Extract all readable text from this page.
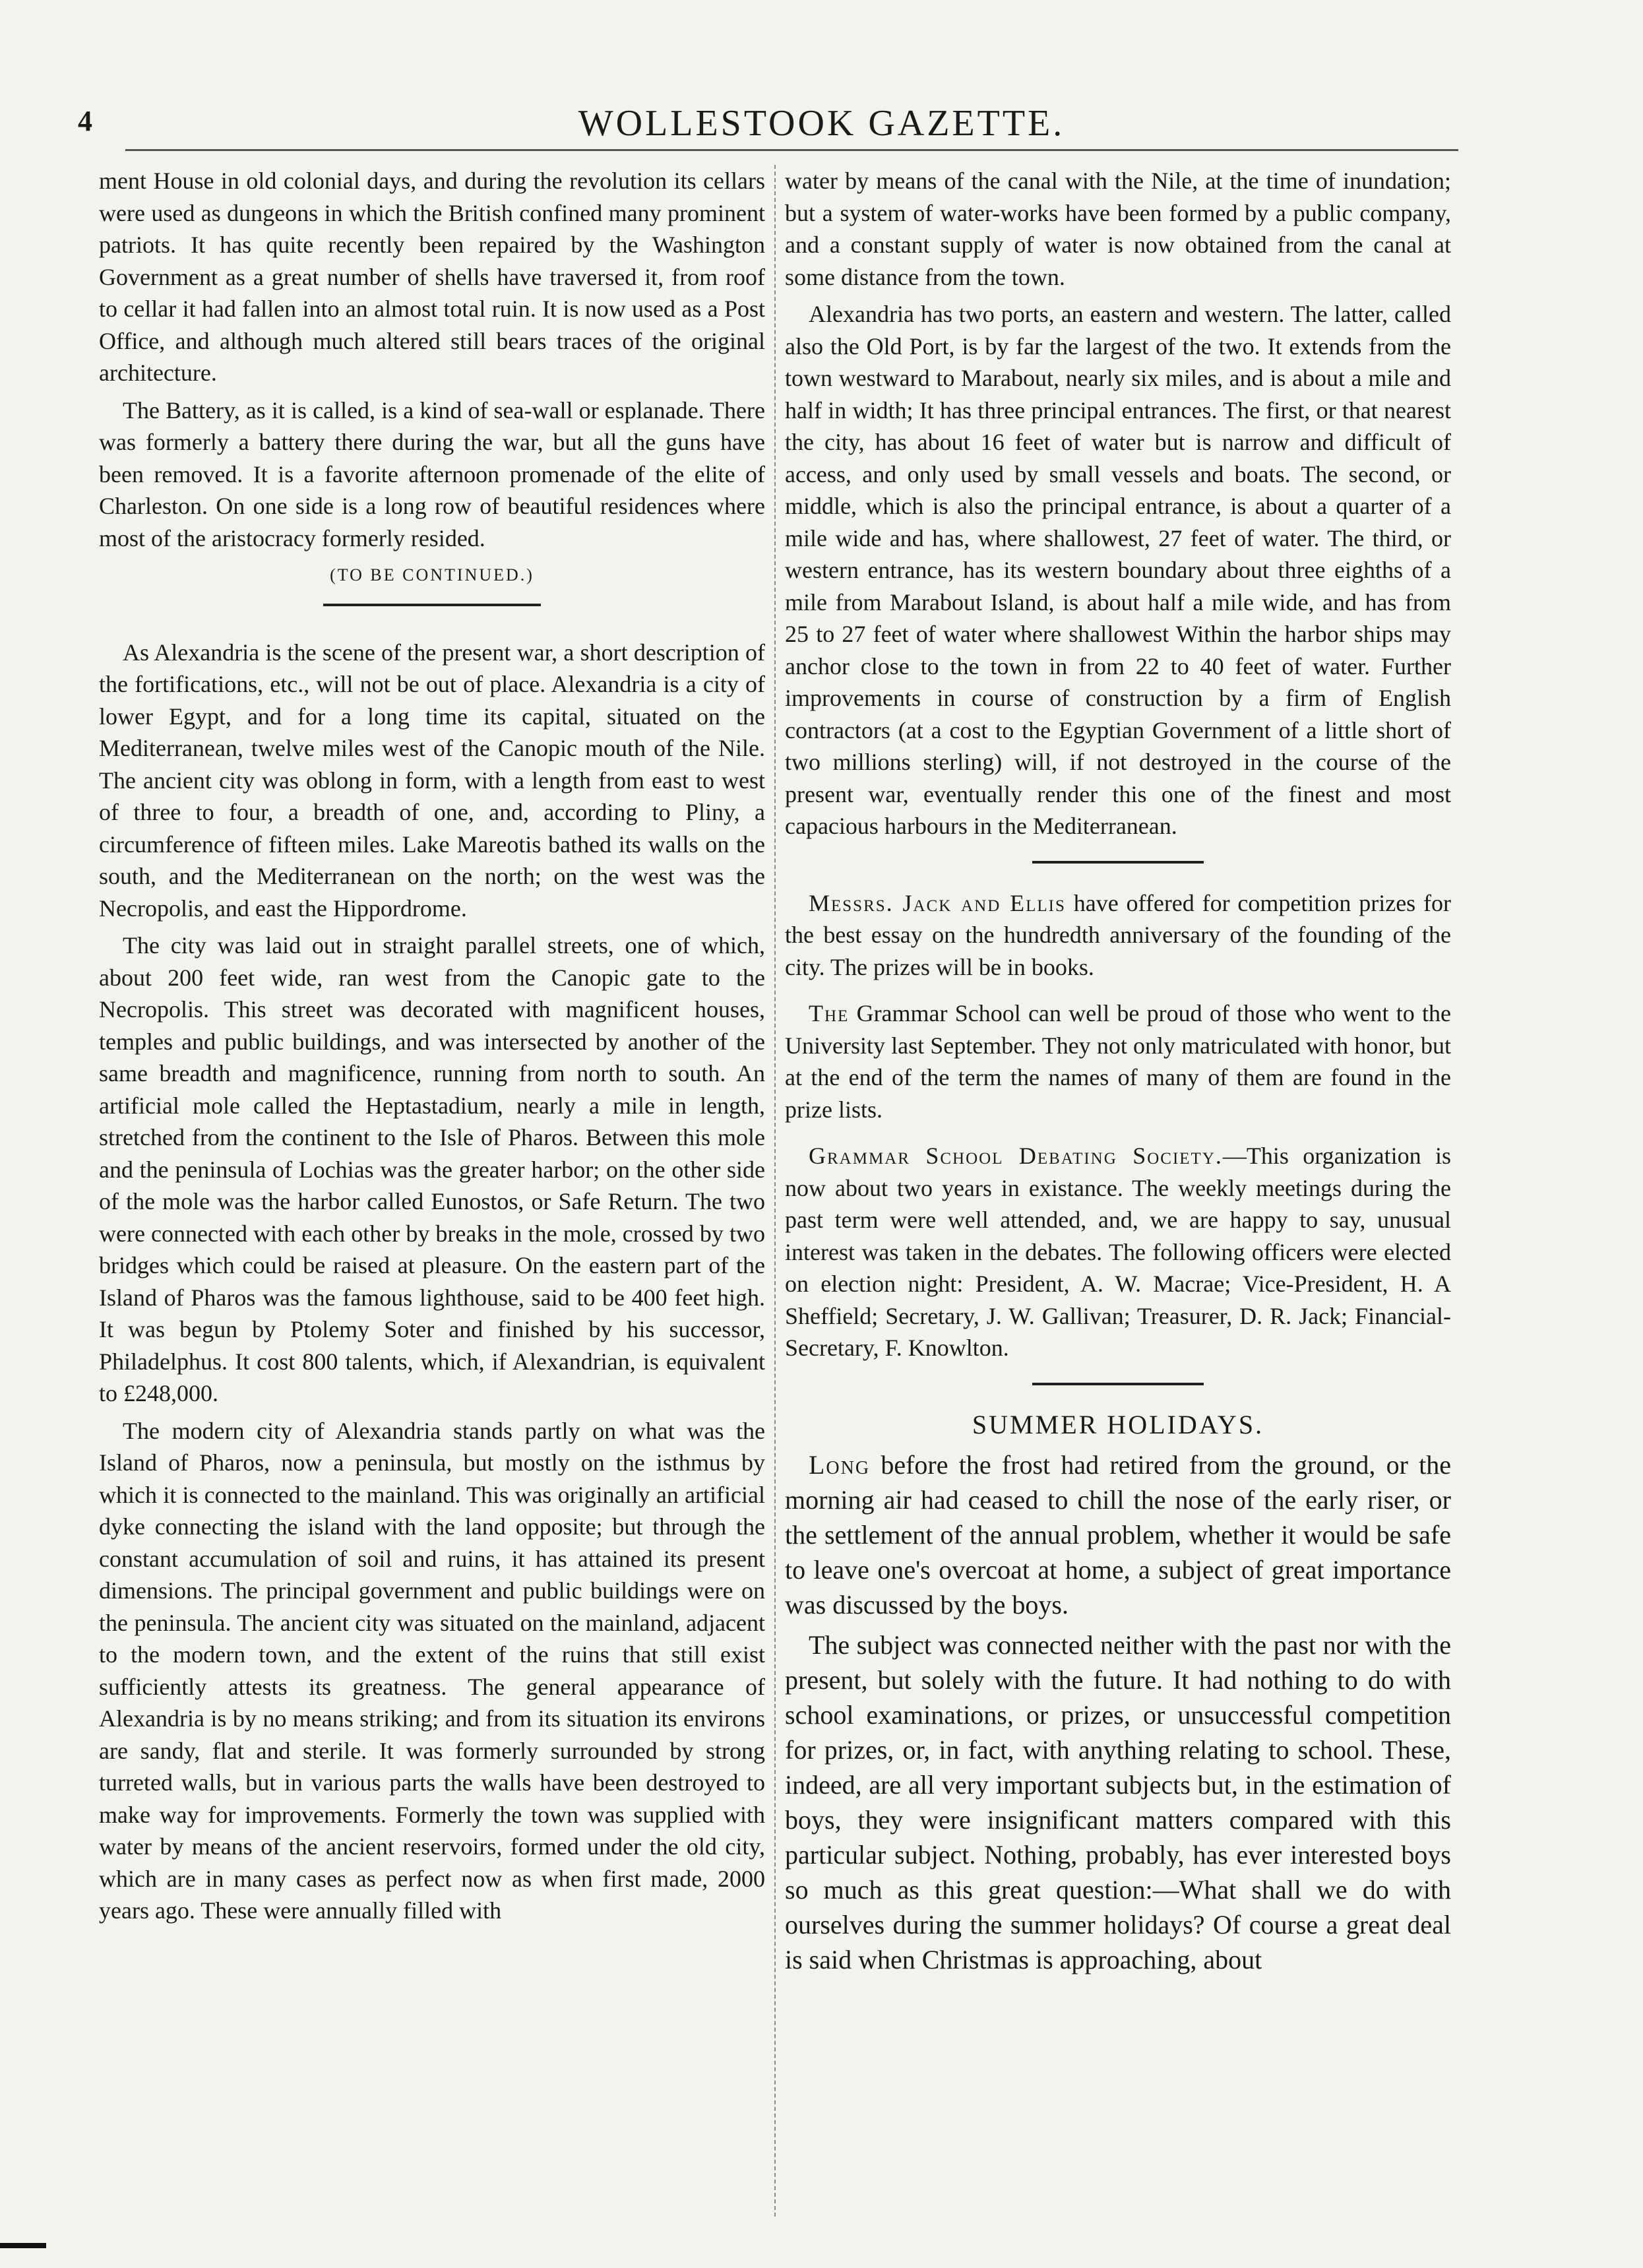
4	WOLLESTOOK GAZETTE.

ment House in old colonial days, and during the revolution its cellars were used as dungeons in which the British confined many prominent patriots. It has quite recently been repaired by the Washington Government as a great number of shells have traversed it, from roof to cellar it had fallen into an almost total ruin. It is now used as a Post Office, and although much altered still bears traces of the original architecture.

The Battery, as it is called, is a kind of sea-wall or esplanade. There was formerly a battery there during the war, but all the guns have been removed. It is a favorite afternoon promenade of the elite of Charleston. On one side is a long row of beautiful residences where most of the aristocracy formerly resided.

(TO BE CONTINUED.)

As Alexandria is the scene of the present war, a short description of the fortifications, etc., will not be out of place. Alexandria is a city of lower Egypt, and for a long time its capital, situated on the Mediterranean, twelve miles west of the Canopic mouth of the Nile. The ancient city was oblong in form, with a length from east to west of three to four, a breadth of one, and, according to Pliny, a circumference of fifteen miles. Lake Mareotis bathed its walls on the south, and the Mediterranean on the north; on the west was the Necropolis, and east the Hippordrome.

The city was laid out in straight parallel streets, one of which, about 200 feet wide, ran west from the Canopic gate to the Necropolis. This street was decorated with magnificent houses, temples and public buildings, and was intersected by another of the same breadth and magnificence, running from north to south. An artificial mole called the Heptastadium, nearly a mile in length, stretched from the continent to the Isle of Pharos. Between this mole and the peninsula of Lochias was the greater harbor; on the other side of the mole was the harbor called Eunostos, or Safe Return. The two were connected with each other by breaks in the mole, crossed by two bridges which could be raised at pleasure. On the eastern part of the Island of Pharos was the famous lighthouse, said to be 400 feet high. It was begun by Ptolemy Soter and finished by his successor, Philadelphus. It cost 800 talents, which, if Alexandrian, is equivalent to £248,000.

The modern city of Alexandria stands partly on what was the Island of Pharos, now a peninsula, but mostly on the isthmus by which it is connected to the mainland. This was originally an artificial dyke connecting the island with the land opposite; but through the constant accumulation of soil and ruins, it has attained its present dimensions. The principal government and public buildings were on the peninsula. The ancient city was situated on the mainland, adjacent to the modern town, and the extent of the ruins that still exist sufficiently attests its greatness. The general appearance of Alexandria is by no means striking; and from its situation its environs are sandy, flat and sterile. It was formerly surrounded by strong turreted walls, but in various parts the walls have been destroyed to make way for improvements. Formerly the town was supplied with water by means of the ancient reservoirs, formed under the old city, which are in many cases as perfect now as when first made, 2000 years ago. These were annually filled with

water by means of the canal with the Nile, at the time of inundation; but a system of water-works have been formed by a public company, and a constant supply of water is now obtained from the canal at some distance from the town.

Alexandria has two ports, an eastern and western. The latter, called also the Old Port, is by far the largest of the two. It extends from the town westward to Marabout, nearly six miles, and is about a mile and half in width; It has three principal entrances. The first, or that nearest the city, has about 16 feet of water but is narrow and difficult of access, and only used by small vessels and boats. The second, or middle, which is also the principal entrance, is about a quarter of a mile wide and has, where shallowest, 27 feet of water. The third, or western entrance, has its western boundary about three eighths of a mile from Marabout Island, is about half a mile wide, and has from 25 to 27 feet of water where shallowest Within the harbor ships may anchor close to the town in from 22 to 40 feet of water. Further improvements in course of construction by a firm of English contractors (at a cost to the Egyptian Government of a little short of two millions sterling) will, if not destroyed in the course of the present war, eventually render this one of the finest and most capacious harbours in the Mediterranean.

Messrs. Jack and Ellis have offered for competition prizes for the best essay on the hundredth anniversary of the founding of the city. The prizes will be in books.

The Grammar School can well be proud of those who went to the University last September. They not only matriculated with honor, but at the end of the term the names of many of them are found in the prize lists.

Grammar School Debating Society.—This organization is now about two years in existance. The weekly meetings during the past term were well attended, and, we are happy to say, unusual interest was taken in the debates. The following officers were elected on election night: President, A. W. Macrae; Vice-President, H. A Sheffield; Secretary, J. W. Gallivan; Treasurer, D. R. Jack; Financial-Secretary, F. Knowlton.

SUMMER HOLIDAYS.

Long before the frost had retired from the ground, or the morning air had ceased to chill the nose of the early riser, or the settlement of the annual problem, whether it would be safe to leave one's overcoat at home, a subject of great importance was discussed by the boys.

The subject was connected neither with the past nor with the present, but solely with the future. It had nothing to do with school examinations, or prizes, or unsuccessful competition for prizes, or, in fact, with anything relating to school. These, indeed, are all very important subjects but, in the estimation of boys, they were insignificant matters compared with this particular subject. Nothing, probably, has ever interested boys so much as this great question:—What shall we do with ourselves during the summer holidays? Of course a great deal is said when Christmas is approaching, about
